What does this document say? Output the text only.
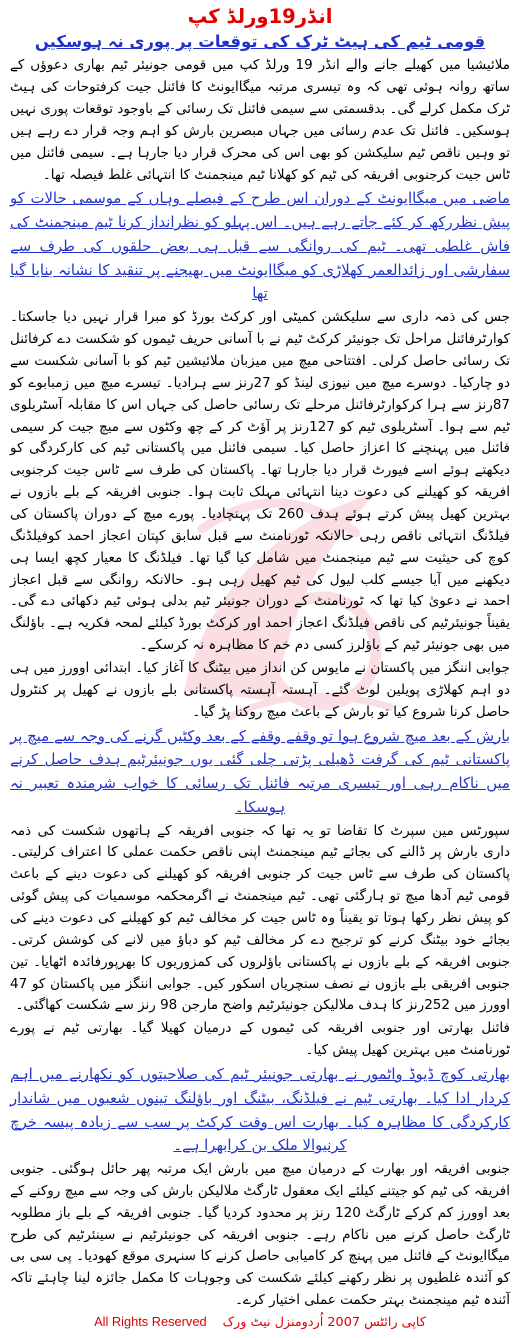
انڈر19ورلڈ کپ
قومی ٹیم کی ہیٹ ٹرک کی توقعات پر پوری نہ ہوسکیں

ملائیشیا میں کھیلے جانے والے انڈر 19 ورلڈ کپ میں قومی جونیئر ٹیم بھاری دعوؤں کے ساتھ روانہ ہوئی تھی کہ وہ تیسری مرتبہ میگاایونٹ کا فائنل جیت کرفتوحات کی ہیٹ ٹرک مکمل کرلے گی۔ بدقسمتی سے سیمی فائنل تک رسائی کے باوجود توقعات پوری نہیں ہوسکیں۔ فائنل تک عدم رسائی میں جہاں مبصرین بارش کو اہم وجہ قرار دے رہے ہیں تو وہیں ناقص ٹیم سلیکشن کو بھی اس کی محرک قرار دیا جارہا ہے۔ سیمی فائنل میں ٹاس جیت کرجنوبی افریقہ کی ٹیم کو کھلانا ٹیم مینجمنٹ کا انتہائی غلط فیصلہ تھا۔

ماضی میں میگاایونٹ کے دوران اس طرح کے فیصلے وہاں کے موسمی حالات کو پیش نظررکھ کر کئے جاتے رہے ہیں۔ اس پہلو کو نظرانداز کرنا ٹیم مینجمنٹ کی فاش غلطی تھی۔ ٹیم کی روانگی سے قبل ہی بعض حلقوں کی طرف سے سفارشی اور زائدالعمر کھلاڑی کو میگاایونٹ میں بھیجنے پر تنقید کا نشانہ بنایا گیا تھا

جس کی ذمہ داری سے سلیکشن کمیٹی اور کرکٹ بورڈ کو مبرا قرار نہیں دیا جاسکتا۔ کوارٹرفائنل مراحل تک جونیئر کرکٹ ٹیم نے با آسانی حریف ٹیموں کو شکست دے کرفائنل تک رسائی حاصل کرلی۔ افتتاحی میچ میں میزبان ملائیشین ٹیم کو با آسانی شکست سے دو چارکیا۔ دوسرے میچ میں نیوزی لینڈ کو 27رنز سے ہرادیا۔ تیسرے میچ میں زمبابوے کو 87رنز سے ہرا کرکوارٹرفائنل مرحلے تک رسائی حاصل کی جہاں اس کا مقابلہ آسٹریلوی ٹیم سے ہوا۔ آسٹریلوی ٹیم کو 127رنز پر آؤٹ کر کے چھ وکٹوں سے میچ جیت کر سیمی فائنل میں پہنچنے کا اعزاز حاصل کیا۔ سیمی فائنل میں پاکستانی ٹیم کی کارکردگی کو دیکھتے ہوئے اسے فیورٹ قرار دیا جارہا تھا۔ پاکستان کی طرف سے ٹاس جیت کرجنوبی افریقہ کو کھیلنے کی دعوت دینا انتہائی مہلک ثابت ہوا۔ جنوبی افریقہ کے بلے بازوں نے بہترین کھیل پیش کرتے ہوئے ہدف 260 تک پہنچادیا۔ پورے میچ کے دوران پاکستان کی فیلڈنگ انتہائی ناقص رہی حالانکہ ٹورنامنٹ سے قبل سابق کپتان اعجاز احمد کوفیلڈنگ کوچ کی حیثیت سے ٹیم مینجمنٹ میں شامل کیا گیا تھا۔ فیلڈنگ کا معیار کچھ ایسا ہی دیکھنے میں آیا جیسے کلب لیول کی ٹیم کھیل رہی ہو۔ حالانکہ روانگی سے قبل اعجاز احمد نے دعویٰ کیا تھا کہ ٹورنامنٹ کے دوران جونیئر ٹیم بدلی ہوئی ٹیم دکھائی دے گی۔ یقیناً جونیئرٹیم کی ناقص فیلڈنگ اعجاز احمد اور کرکٹ بورڈ کیلئے لمحہ فکریہ ہے۔ باؤلنگ میں بھی جونیئر ٹیم کے باؤلرز کسی دم خم کا مظاہرہ نہ کرسکے۔

جوابی اننگز میں پاکستان نے مایوس کن انداز میں بیٹنگ کا آغاز کیا۔ ابتدائی اوورز میں ہی دو اہم کھلاڑی پویلین لوٹ گئے۔ آہستہ آہستہ پاکستانی بلے بازوں نے کھیل پر کنٹرول حاصل کرنا شروع کیا تو بارش کے باعث میچ روکنا پڑ گیا۔

بارش کے بعد میچ شروع ہوا تو وقفے وقفے کے بعد وکٹیں گرنے کی وجہ سے میچ پر پاکستانی ٹیم کی گرفت ڈھیلی پڑتی چلی گئی یوں جونیئرٹیم ہدف حاصل کرنے میں ناکام رہی اور تیسری مرتبہ فائنل تک رسائی کا خواب شرمندہ تعبیر نہ ہوسکا۔

سپورٹس مین سپرٹ کا تقاضا تو یہ تھا کہ جنوبی افریقہ کے ہاتھوں شکست کی ذمہ داری بارش پر ڈالنے کی بجائے ٹیم مینجمنٹ اپنی ناقص حکمت عملی کا اعتراف کرلیتی۔ پاکستان کی طرف سے ٹاس جیت کر جنوبی افریقہ کو کھیلنے کی دعوت دینے کے باعث قومی ٹیم آدھا میچ تو ہارگئی تھی۔ ٹیم مینجمنٹ نے اگرمحکمہ موسمیات کی پیش گوئی کو پیش نظر رکھا ہوتا تو یقیناً وہ ٹاس جیت کر مخالف ٹیم کو کھیلنے کی دعوت دینے کی بجائے خود بیٹنگ کرنے کو ترجیح دے کر مخالف ٹیم کو دباؤ میں لانے کی کوشش کرتی۔ جنوبی افریقہ کے بلے بازوں نے پاکستانی باؤلروں کی کمزوریوں کا بھرپورفائدہ اٹھایا۔ تین جنوبی افریقی بلے بازوں نے نصف سنچریاں اسکور کیں۔ جوابی اننگز میں پاکستان کو 47 اوورز میں 252رنز کا ہدف ملالیکن جونیئرٹیم واضح مارجن 98 رنز سے شکست کھاگئی۔

فائنل بھارتی اور جنوبی افریقہ کی ٹیموں کے درمیان کھیلا گیا۔ بھارتی ٹیم نے پورے ٹورنامنٹ میں بہترین کھیل پیش کیا۔

بھارتی کوچ ڈیوڈ واٹمور نے بھارتی جونیئر ٹیم کی صلاحیتوں کو نکھارنے میں اہم کردار ادا کیا۔ بھارتی ٹیم نے فیلڈنگ، بیٹنگ اور باؤلنگ تینوں شعبوں میں شاندار کارکردگی کا مظاہرہ کیا۔ بھارت اس وقت کرکٹ پر سب سے زیادہ پیسہ خرچ کرنیوالا ملک بن کرابھرا ہے۔

جنوبی افریقہ اور بھارت کے درمیان میچ میں بارش ایک مرتبہ پھر حائل ہوگئی۔ جنوبی افریقہ کی ٹیم کو جیتنے کیلئے ایک معقول ٹارگٹ ملالیکن بارش کی وجہ سے میچ روکنے کے بعد اوورز کم کرکے ٹارگٹ 120 رنز پر محدود کردیا گیا۔ جنوبی افریقہ کے بلے باز مطلوبہ ٹارگٹ حاصل کرنے میں ناکام رہے۔ جنوبی افریقہ کی جونیئرٹیم نے سینئرٹیم کی طرح میگاایونٹ کے فائنل میں پہنچ کر کامیابی حاصل کرنے کا سنہری موقع کھودیا۔ پی سی بی کو آئندہ غلطیوں پر نظر رکھنے کیلئے شکست کی وجوہات کا مکمل جائزہ لینا چاہئے تاکہ آئندہ ٹیم مینجمنٹ بہتر حکمت عملی اختیار کرے۔

کاپی رائٹس 2007 اُردومنزل نیٹ ورک
All Rights Reserved
